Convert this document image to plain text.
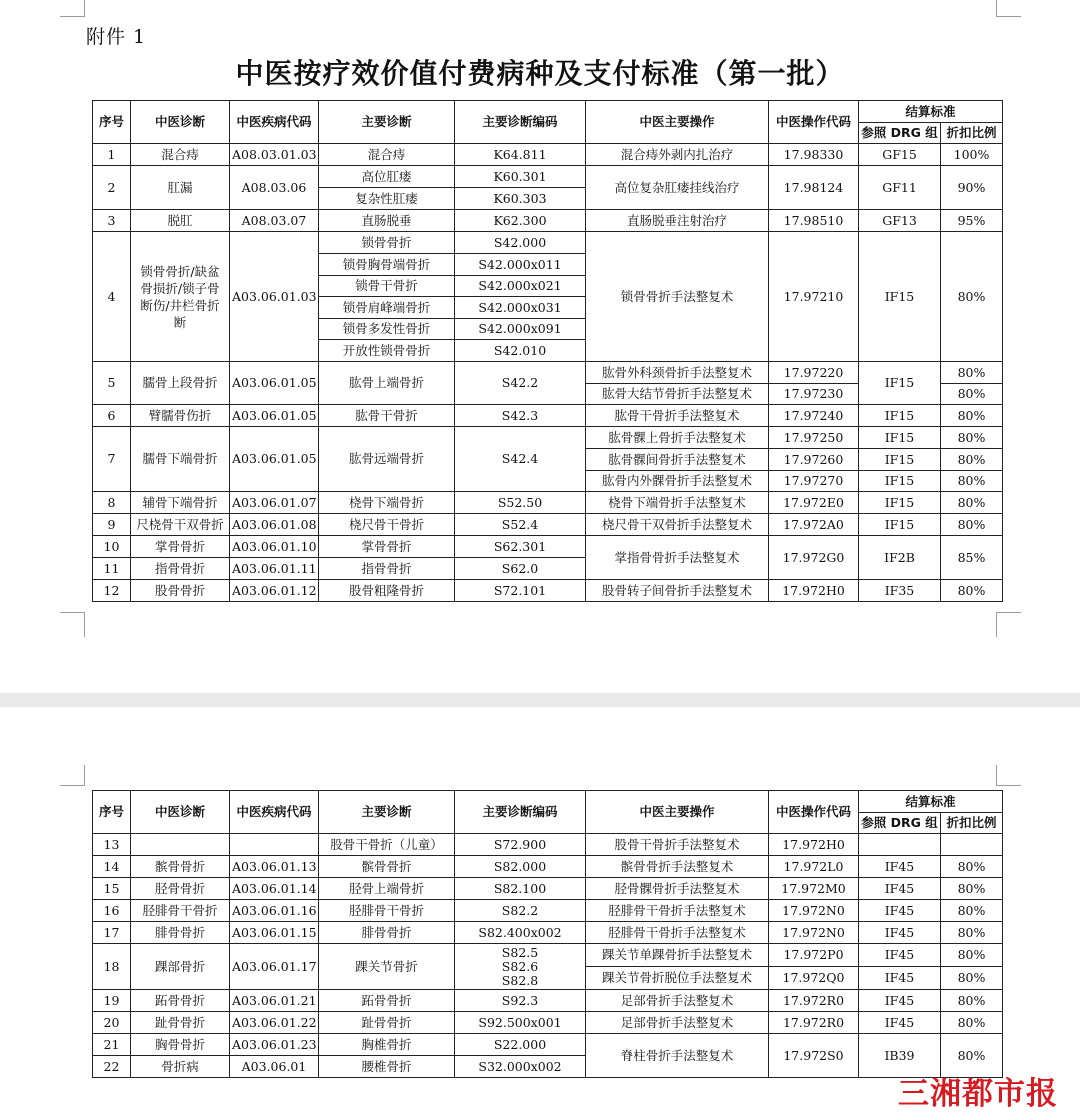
附件 1
中医按疗效价值付费病种及支付标准（第一批）
序号	中医诊断	中医疾病代码	主要诊断	主要诊断编码	中医主要操作	中医操作代码	结算标准	
							参照 DRG 组	折扣比例
1	混合痔	A08.03.01.03	混合痔	K64.811	混合痔外剥内扎治疗	17.98330	GF15	100%
2	肛漏	A08.03.06	高位肛瘘	K60.301	高位复杂肛瘘挂线治疗	17.98124	GF11	90%
			复杂性肛瘘	K60.303				
3	脱肛	A08.03.07	直肠脱垂	K62.300	直肠脱垂注射治疗	17.98510	GF13	95%
4	锁骨骨折/缺盆骨损折/锁子骨断伤/井栏骨折断	A03.06.01.03	锁骨骨折	S42.000	锁骨骨折手法整复术	17.97210	IF15	80%
			锁骨胸骨端骨折	S42.000x011				
			锁骨干骨折	S42.000x021				
			锁骨肩峰端骨折	S42.000x031				
			锁骨多发性骨折	S42.000x091				
			开放性锁骨骨折	S42.010				
5	臑骨上段骨折	A03.06.01.05	肱骨上端骨折	S42.2	肱骨外科颈骨折手法整复术	17.97220	IF15	80%
					肱骨大结节骨折手法整复术	17.97230		80%
6	臂臑骨伤折	A03.06.01.05	肱骨干骨折	S42.3	肱骨干骨折手法整复术	17.97240	IF15	80%
7	臑骨下端骨折	A03.06.01.05	肱骨远端骨折	S42.4	肱骨髁上骨折手法整复术	17.97250	IF15	80%
					肱骨髁间骨折手法整复术	17.97260	IF15	80%
					肱骨内外髁骨折手法整复术	17.97270	IF15	80%
8	辅骨下端骨折	A03.06.01.07	桡骨下端骨折	S52.50	桡骨下端骨折手法整复术	17.972E0	IF15	80%
9	尺桡骨干双骨折	A03.06.01.08	桡尺骨干骨折	S52.4	桡尺骨干双骨折手法整复术	17.972A0	IF15	80%
10	掌骨骨折	A03.06.01.10	掌骨骨折	S62.301	掌指骨骨折手法整复术	17.972G0	IF2B	85%
11	指骨骨折	A03.06.01.11	指骨骨折	S62.0				
12	股骨骨折	A03.06.01.12	股骨粗隆骨折	S72.101	股骨转子间骨折手法整复术	17.972H0	IF35	80%
序号	中医诊断	中医疾病代码	主要诊断	主要诊断编码	中医主要操作	中医操作代码	结算标准	
							参照 DRG 组	折扣比例
13			股骨干骨折（儿童）	S72.900	股骨干骨折手法整复术	17.972H0		
14	髌骨骨折	A03.06.01.13	髌骨骨折	S82.000	髌骨骨折手法整复术	17.972L0	IF45	80%
15	胫骨骨折	A03.06.01.14	胫骨上端骨折	S82.100	胫骨髁骨折手法整复术	17.972M0	IF45	80%
16	胫腓骨干骨折	A03.06.01.16	胫腓骨干骨折	S82.2	胫腓骨干骨折手法整复术	17.972N0	IF45	80%
17	腓骨骨折	A03.06.01.15	腓骨骨折	S82.400x002	胫腓骨干骨折手法整复术	17.972N0	IF45	80%
18	踝部骨折	A03.06.01.17	踝关节骨折	S82.5
S82.6
S82.8	踝关节单踝骨折手法整复术	17.972P0	IF45	80%
					踝关节骨折脱位手法整复术	17.972Q0	IF45	80%
19	跖骨骨折	A03.06.01.21	跖骨骨折	S92.3	足部骨折手法整复术	17.972R0	IF45	80%
20	趾骨骨折	A03.06.01.22	趾骨骨折	S92.500x001	足部骨折手法整复术	17.972R0	IF45	80%
21	胸骨骨折	A03.06.01.23	胸椎骨折	S22.000	脊柱骨折手法整复术	17.972S0	IB39	80%
22	骨折病	A03.06.01	腰椎骨折	S32.000x002				
三湘都市报
